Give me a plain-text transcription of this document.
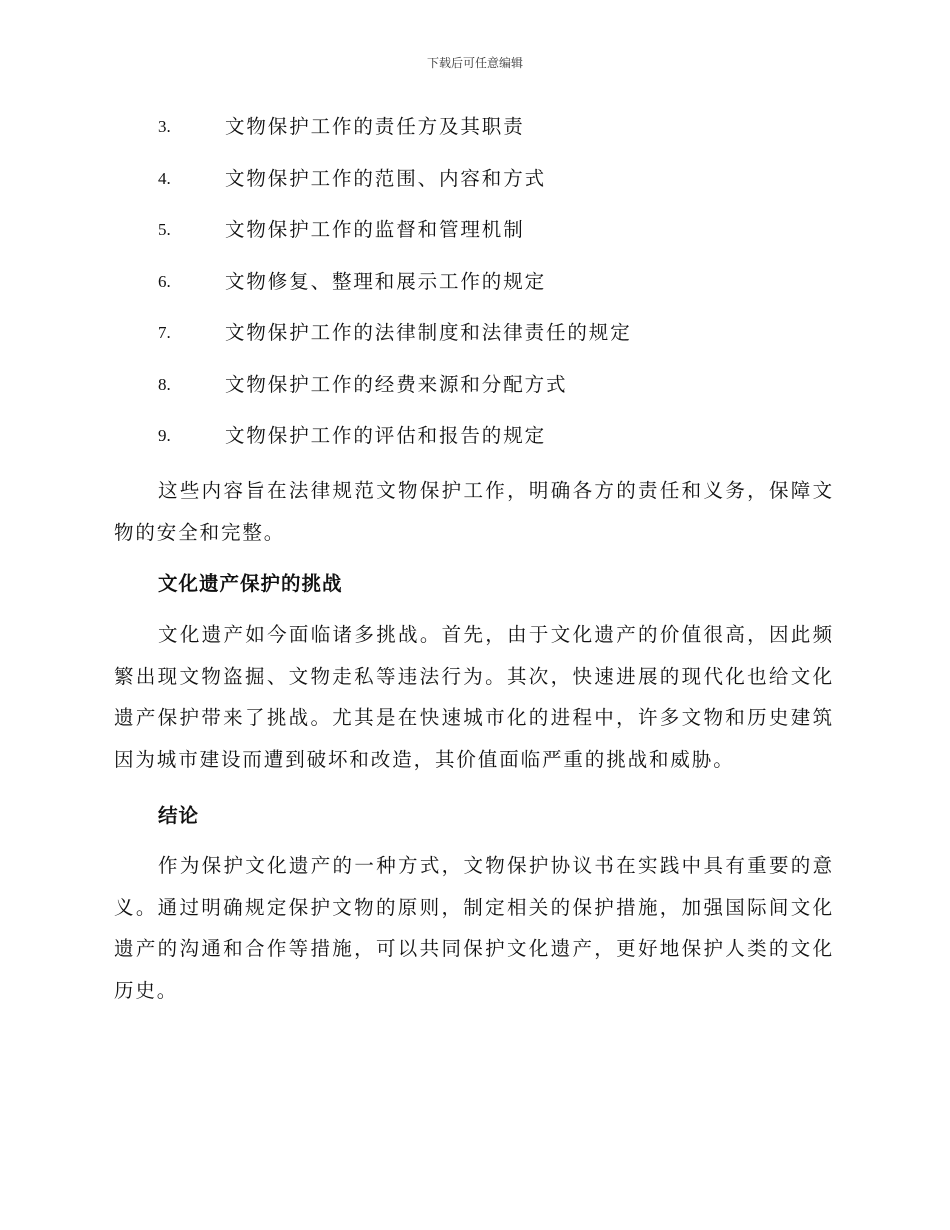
下载后可任意编辑
3.	文物保护工作的责任方及其职责
4.	文物保护工作的范围、内容和方式
5.	文物保护工作的监督和管理机制
6.	文物修复、整理和展示工作的规定
7.	文物保护工作的法律制度和法律责任的规定
8.	文物保护工作的经费来源和分配方式
9.	文物保护工作的评估和报告的规定

这些内容旨在法律规范文物保护工作，明确各方的责任和义务，保障文物的安全和完整。

文化遗产保护的挑战

文化遗产如今面临诸多挑战。首先，由于文化遗产的价值很高，因此频繁出现文物盗掘、文物走私等违法行为。其次，快速进展的现代化也给文化遗产保护带来了挑战。尤其是在快速城市化的进程中，许多文物和历史建筑因为城市建设而遭到破坏和改造，其价值面临严重的挑战和威胁。

结论

作为保护文化遗产的一种方式，文物保护协议书在实践中具有重要的意义。通过明确规定保护文物的原则，制定相关的保护措施，加强国际间文化遗产的沟通和合作等措施，可以共同保护文化遗产，更好地保护人类的文化历史。
